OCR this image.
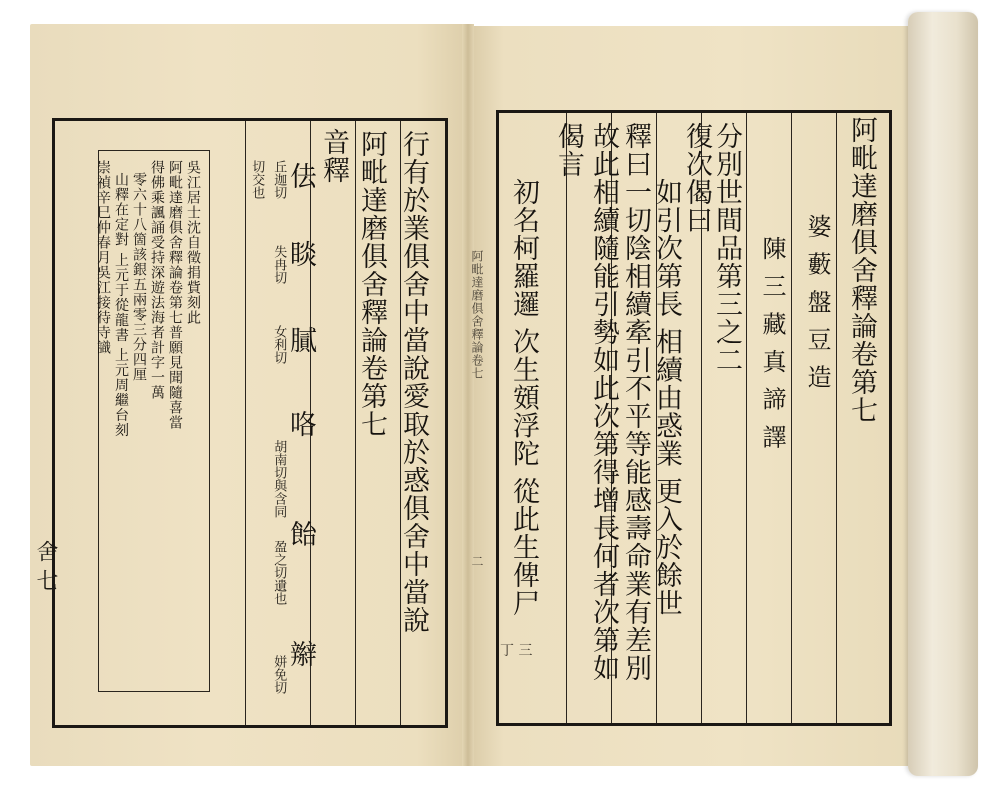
舍 七
阿毗達磨俱舍釋論卷七
二
丁 三
阿毗達磨俱舍釋論卷第七
婆 藪 盤 豆 造
陳 三 藏 真 諦 譯
分別世間品第三之二
復次偈曰
如引次第長 相續由惑業 更入於餘世
釋曰一切陰相續牽引不平等能感壽命業有差別
故此相續隨能引勢如此次第得增長何者次第如
偈言
初名柯羅邏 次生頞浮陀 從此生俾尸
行有於業俱舍中當說愛取於惑俱舍中當說
阿毗達磨俱舍釋論卷第七
音釋
佉
丘迦切
睒
失冉切
膩
女利切
咯
胡南切與含同
飴
盈之切遺也
辮
姘免切
切交也
吳江居士沈自徵捐貲刻此
阿毗達磨俱舍釋論卷第七普願見聞隨喜當
得佛乘諷誦受持深遊法海者計字一萬
零六十八箇該銀五兩零三分四厘
山釋在定對 上元于從龍書 上元周繼台刻
崇禎辛巳仲春月吳江接待寺識
